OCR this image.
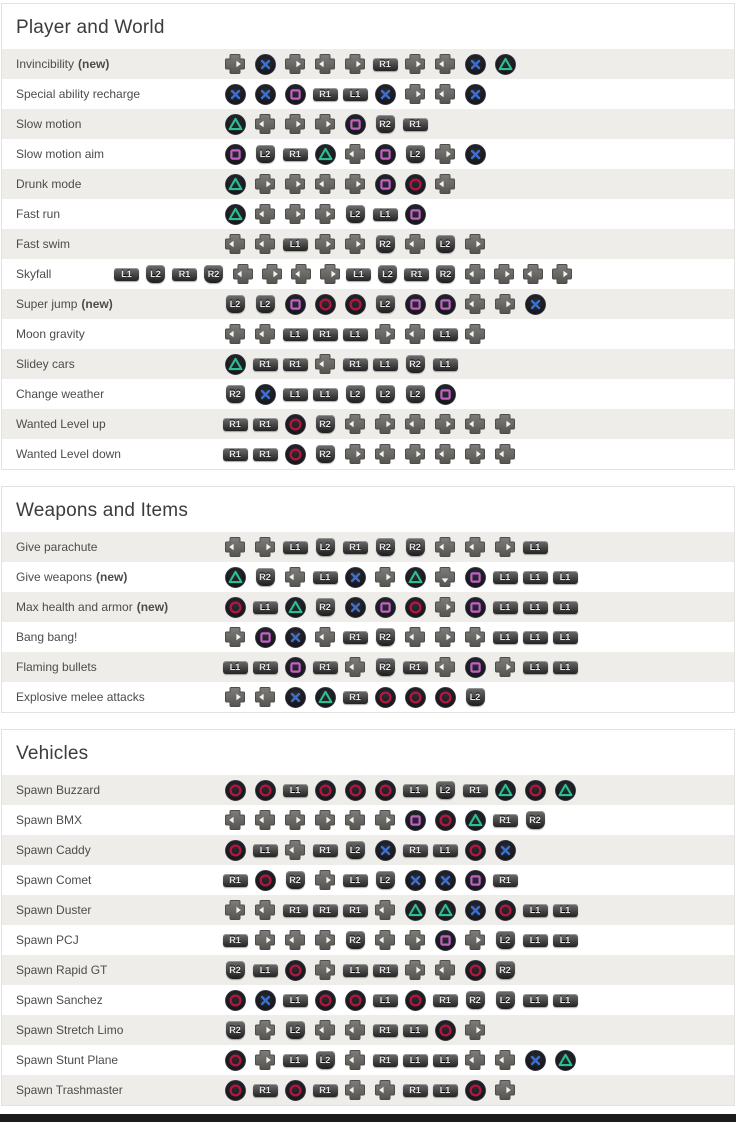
Player and World
Invincibility (new)	R1
Special ability recharge	R1	L1
Slow motion	R2	R1
Slow motion aim	L2	R1	L2
Drunk mode
Fast run	L2	L1
Fast swim	L1	R2	L2
Skyfall	L1	L2	R1	R2	L1	L2	R1	R2
Super jump (new)	L2	L2	L2
Moon gravity	L1	R1	L1	L1
Slidey cars	R1	R1	R1	L1	R2	L1
Change weather	R2	L1	L1	L2	L2	L2
Wanted Level up	R1	R1	R2
Wanted Level down	R1	R1	R2
Weapons and Items
Give parachute	L1	L2	R1	R2	R2	L1
Give weapons (new)	R2	L1	L1	L1	L1
Max health and armor (new)	L1	R2	L1	L1	L1
Bang bang!	R1	R2	L1	L1	L1
Flaming bullets	L1	R1	R1	R2	R1	L1	L1
Explosive melee attacks	R1	L2
Vehicles
Spawn Buzzard	L1	L1	L2	R1
Spawn BMX	R1	R2
Spawn Caddy	L1	R1	L2	R1	L1
Spawn Comet	R1	R2	L1	L2	R1
Spawn Duster	R1	R1	R1	L1	L1
Spawn PCJ	R1	R2	L2	L1	L1
Spawn Rapid GT	R2	L1	L1	R1	R2
Spawn Sanchez	L1	L1	R1	R2	L2	L1	L1
Spawn Stretch Limo	R2	L2	R1	L1
Spawn Stunt Plane	L1	L2	R1	L1	L1
Spawn Trashmaster	R1	R1	R1	L1
